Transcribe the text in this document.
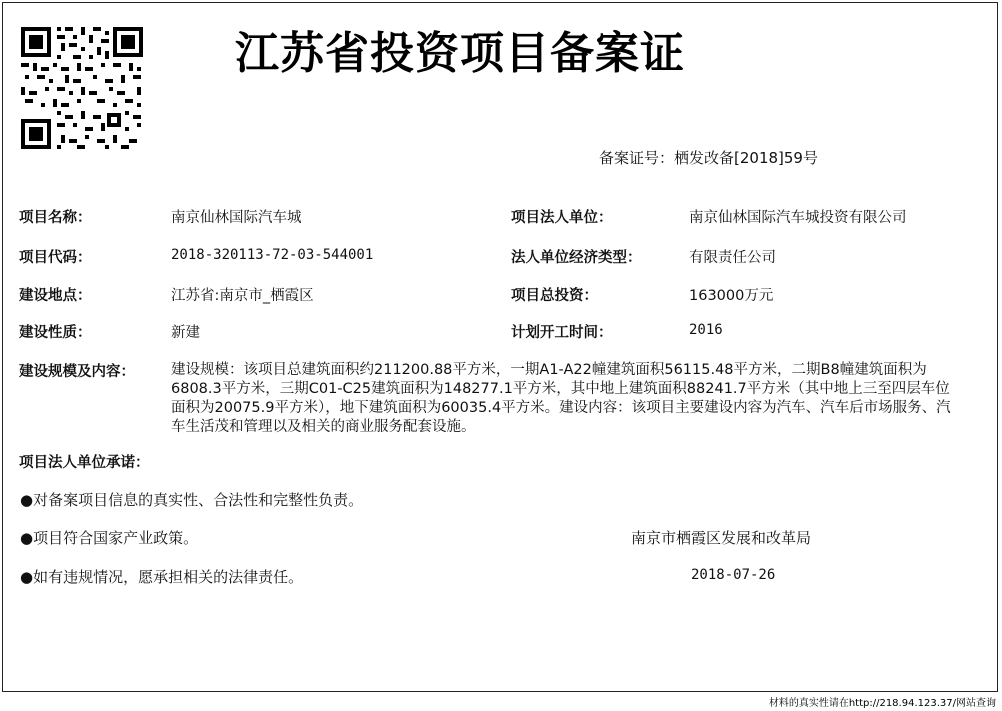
江苏省投资项目备案证
备案证号：栖发改备[2018]59号
项目名称：	南京仙林国际汽车城	项目法人单位：	南京仙林国际汽车城投资有限公司
项目代码：	2018-320113-72-03-544001	法人单位经济类型：	有限责任公司
建设地点：	江苏省:南京市_栖霞区	项目总投资：	163000万元
建设性质：	新建	计划开工时间：	2016
建设规模及内容： 建设规模：该项目总建筑面积约211200.88平方米，一期A1-A22幢建筑面积56115.48平方米，二期B8幢建筑面积为6808.3平方米，三期C01-C25建筑面积为148277.1平方米，其中地上建筑面积88241.7平方米（其中地上三至四层车位面积为20075.9平方米），地下建筑面积为60035.4平方米。建设内容：该项目主要建设内容为汽车、汽车后市场服务、汽车生活茂和管理以及相关的商业服务配套设施。
项目法人单位承诺：
●对备案项目信息的真实性、合法性和完整性负责。
●项目符合国家产业政策。
●如有违规情况，愿承担相关的法律责任。
南京市栖霞区发展和改革局
2018-07-26
材料的真实性请在http://218.94.123.37/网站查询
